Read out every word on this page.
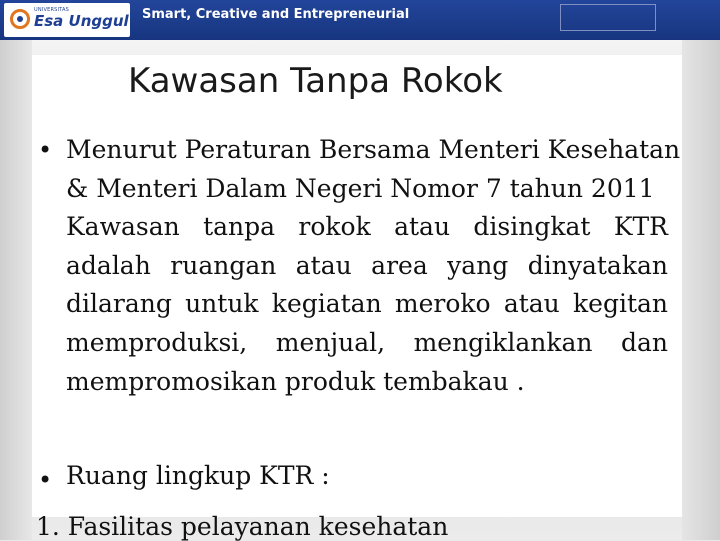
UNIVERSITAS
Esa Unggul Smart, Creative and Entrepreneurial
Kawasan Tanpa Rokok
• Menurut Peraturan Bersama Menteri Kesehatan
& Menteri Dalam Negeri Nomor 7 tahun 2011
Kawasan tanpa rokok atau disingkat KTR
adalah ruangan atau area yang dinyatakan
dilarang untuk kegiatan meroko atau kegitan
memproduksi, menjual, mengiklankan dan
mempromosikan produk tembakau .
• Ruang lingkup KTR :
1. Fasilitas pelayanan kesehatan
